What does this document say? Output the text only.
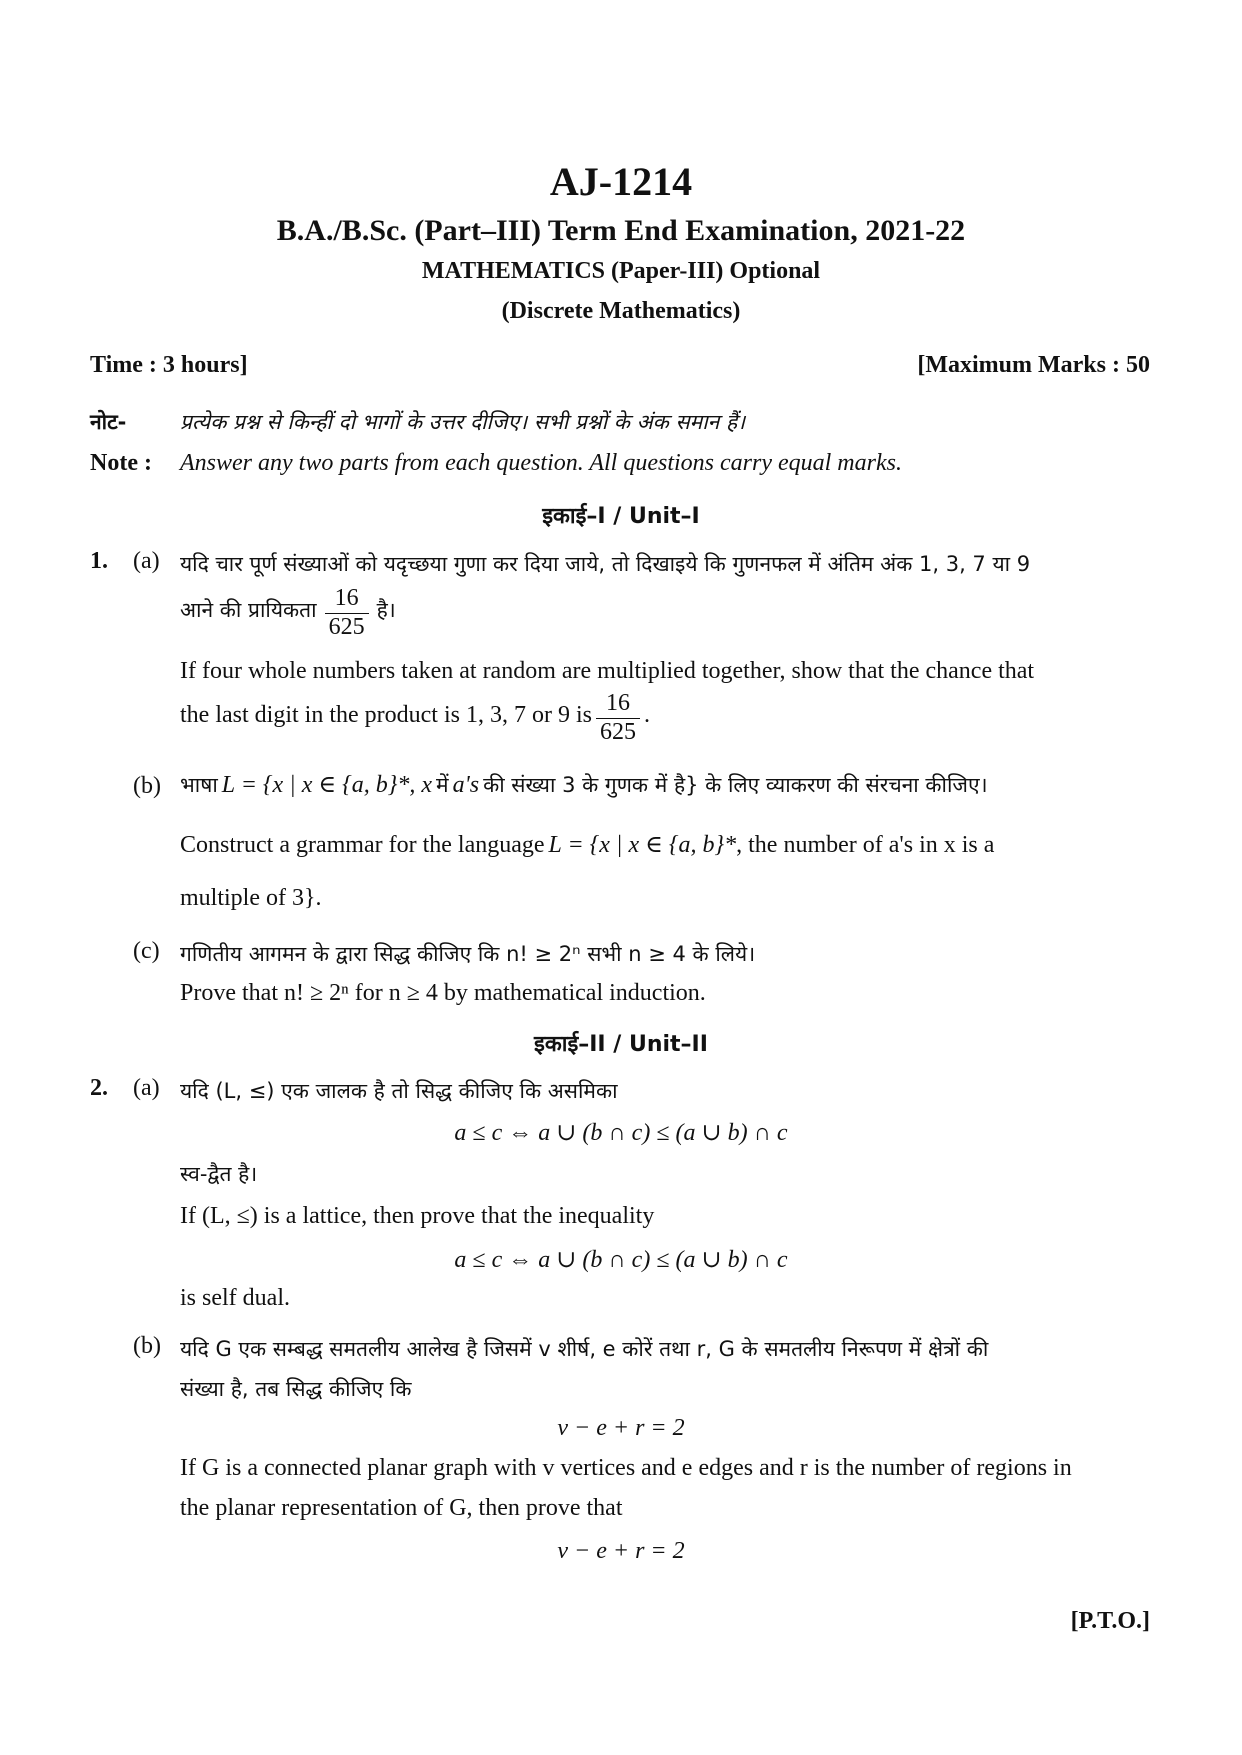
AJ-1214
B.A./B.Sc. (Part–III) Term End Examination, 2021-22
MATHEMATICS (Paper-III) Optional
(Discrete Mathematics)
Time : 3 hours]	[Maximum Marks : 50
नोट-	प्रत्येक प्रश्न से किन्हीं दो भागों के उत्तर दीजिए। सभी प्रश्नों के अंक समान हैं।
Note : Answer any two parts from each question. All questions carry equal marks.
इकाई–I / Unit–I
1. (a) यदि चार पूर्ण संख्याओं को यदृच्छया गुणा कर दिया जाये, तो दिखाइये कि गुणनफल में अंतिम अंक 1, 3, 7 या 9
आने की प्रायिकता $\frac{16}{625}$ है।
If four whole numbers taken at random are multiplied together, show that the chance that
the last digit in the product is 1, 3, 7 or 9 is $\frac{16}{625}$ .
(b) भाषा L = {x | x ∈ {a, b}*, x में a's की संख्या 3 के गुणक में है} के लिए व्याकरण की संरचना कीजिए।
Construct a grammar for the language L = {x | x ∈ {a, b}*, the number of a's in x is a
multiple of 3}.
(c) गणितीय आगमन के द्वारा सिद्ध कीजिए कि n! ≥ 2ⁿ सभी n ≥ 4 के लिये।
Prove that n! ≥ 2ⁿ for n ≥ 4 by mathematical induction.
इकाई–II / Unit–II
2. (a) यदि (L, ≤) एक जालक है तो सिद्ध कीजिए कि असमिका
a ≤ c ⇔ a ∪ (b ∩ c) ≤ (a ∪ b) ∩ c
स्व-द्वैत है।
If (L, ≤) is a lattice, then prove that the inequality
a ≤ c ⇔ a ∪ (b ∩ c) ≤ (a ∪ b) ∩ c
is self dual.
(b) यदि G एक सम्बद्ध समतलीय आलेख है जिसमें v शीर्ष, e कोरें तथा r, G के समतलीय निरूपण में क्षेत्रों की
संख्या है, तब सिद्ध कीजिए कि
v − e + r = 2
If G is a connected planar graph with v vertices and e edges and r is the number of regions in
the planar representation of G, then prove that
v − e + r = 2
[P.T.O.]
